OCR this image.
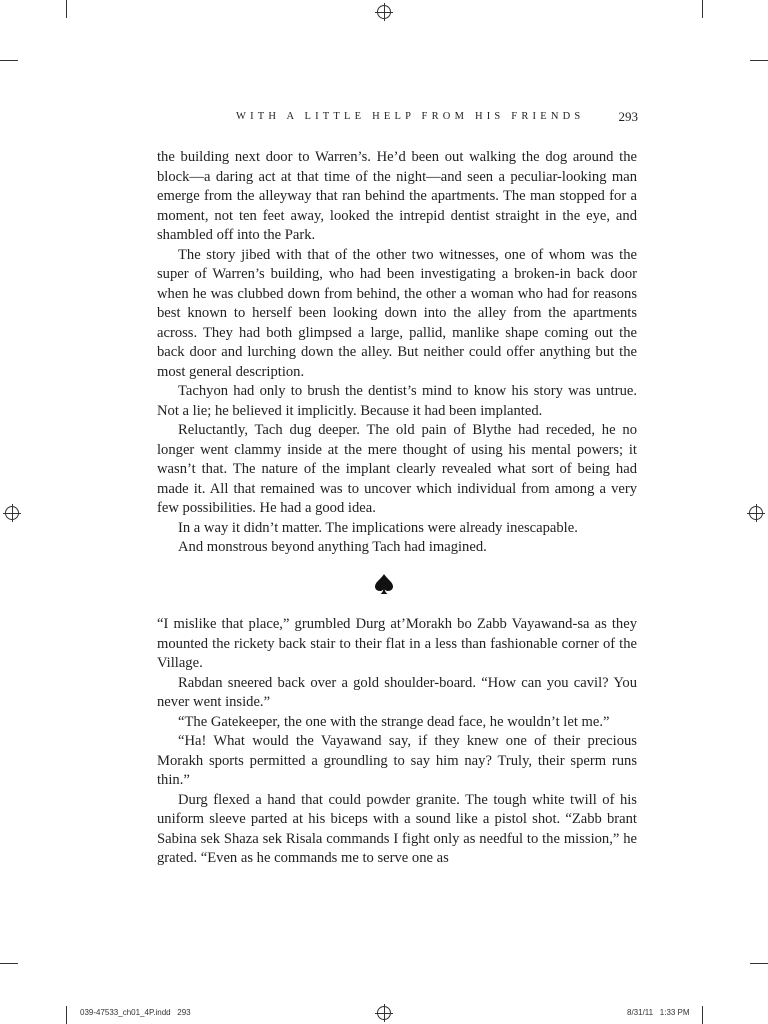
WITH A LITTLE HELP FROM HIS FRIENDS	293

the building next door to Warren’s. He’d been out walking the dog around the block—a daring act at that time of the night—and seen a peculiar-looking man emerge from the alleyway that ran behind the apartments. The man stopped for a moment, not ten feet away, looked the intrepid dentist straight in the eye, and shambled off into the Park.

The story jibed with that of the other two witnesses, one of whom was the super of Warren’s building, who had been investigating a broken-in back door when he was clubbed down from behind, the other a woman who had for reasons best known to herself been looking down into the alley from the apartments across. They had both glimpsed a large, pallid, manlike shape coming out the back door and lurching down the alley. But neither could offer anything but the most general description.

Tachyon had only to brush the dentist’s mind to know his story was untrue. Not a lie; he believed it implicitly. Because it had been implanted.

Reluctantly, Tach dug deeper. The old pain of Blythe had receded, he no longer went clammy inside at the mere thought of using his mental powers; it wasn’t that. The nature of the implant clearly revealed what sort of being had made it. All that remained was to uncover which individual from among a very few possibilities. He had a good idea.

In a way it didn’t matter. The implications were already inescapable.

And monstrous beyond anything Tach had imagined.

“I mislike that place,” grumbled Durg at’Morakh bo Zabb Vayawand-sa as they mounted the rickety back stair to their flat in a less than fashionable corner of the Village.

Rabdan sneered back over a gold shoulder-board. “How can you cavil? You never went inside.”

“The Gatekeeper, the one with the strange dead face, he wouldn’t let me.”

“Ha! What would the Vayawand say, if they knew one of their precious Morakh sports permitted a groundling to say him nay? Truly, their sperm runs thin.”

Durg flexed a hand that could powder granite. The tough white twill of his uniform sleeve parted at his biceps with a sound like a pistol shot. “Zabb brant Sabina sek Shaza sek Risala commands I fight only as needful to the mission,” he grated. “Even as he commands me to serve one as

039-47533_ch01_4P.indd   293	8/31/11   1:33 PM
